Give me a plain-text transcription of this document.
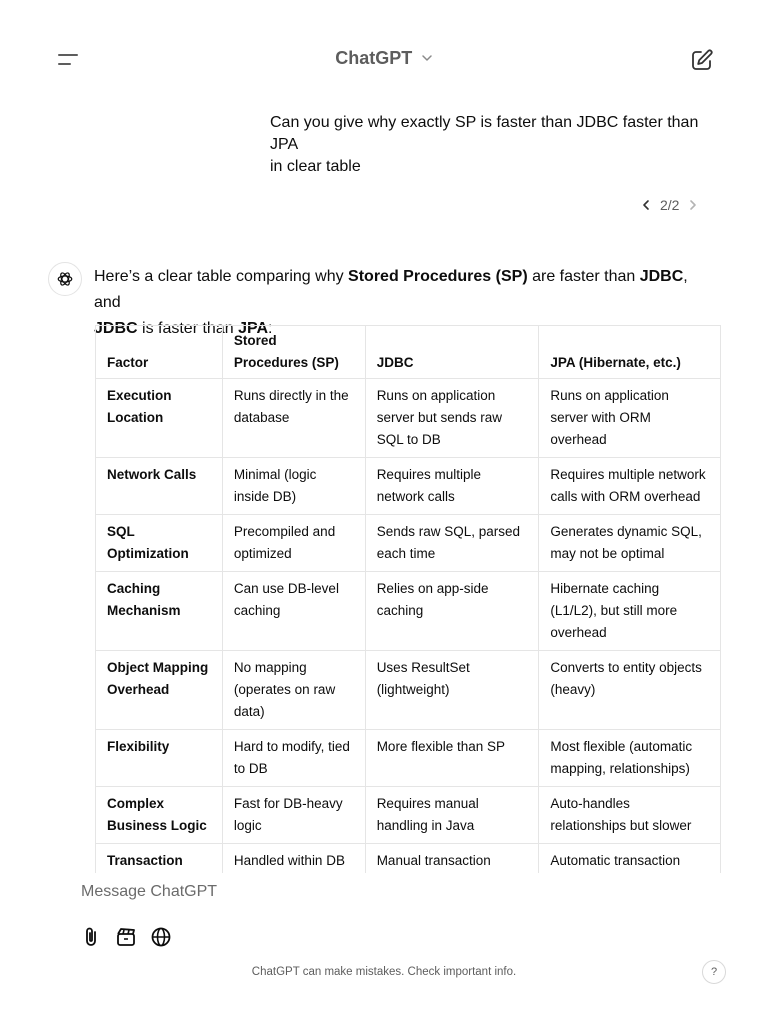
ChatGPT
Can you give why exactly SP is faster than JDBC faster than
JPA
in clear table
2/2
Here’s a clear table comparing why Stored Procedures (SP) are faster than JDBC, and
JDBC is faster than JPA:
Factor	Stored Procedures (SP)	JDBC	JPA (Hibernate, etc.)
Execution Location	Runs directly in the database	Runs on application server but sends raw SQL to DB	Runs on application server with ORM overhead
Network Calls	Minimal (logic inside DB)	Requires multiple network calls	Requires multiple network calls with ORM overhead
SQL Optimization	Precompiled and optimized	Sends raw SQL, parsed each time	Generates dynamic SQL, may not be optimal
Caching Mechanism	Can use DB-level caching	Relies on app-side caching	Hibernate caching (L1/L2), but still more overhead
Object Mapping Overhead	No mapping (operates on raw data)	Uses ResultSet (lightweight)	Converts to entity objects (heavy)
Flexibility	Hard to modify, tied to DB	More flexible than SP	Most flexible (automatic mapping, relationships)
Complex Business Logic	Fast for DB-heavy logic	Requires manual handling in Java	Auto-handles relationships but slower
Transaction	Handled within DB	Manual transaction	Automatic transaction
Message ChatGPT
ChatGPT can make mistakes. Check important info.	?
